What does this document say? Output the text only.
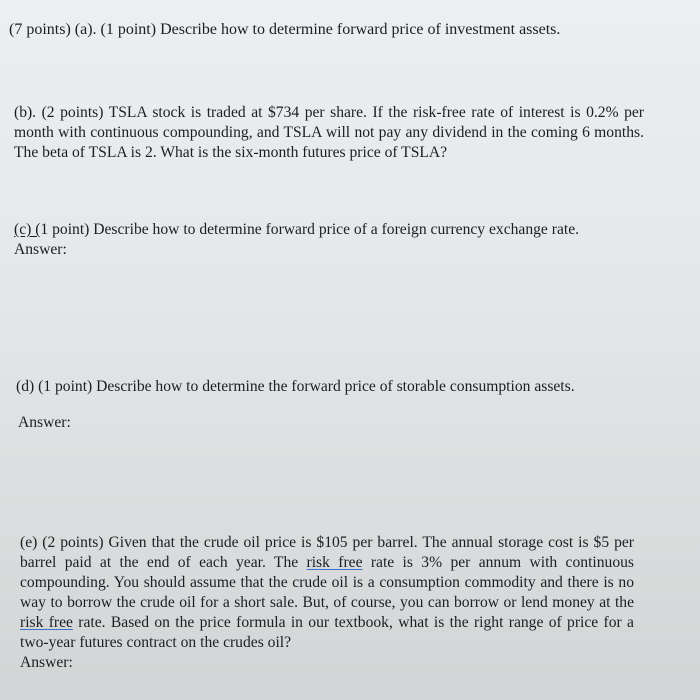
(7 points) (a). (1 point) Describe how to determine forward price of investment assets.

(b). (2 points) TSLA stock is traded at $734 per share. If the risk-free rate of interest is 0.2% per month with continuous compounding, and TSLA will not pay any dividend in the coming 6 months. The beta of TSLA is 2. What is the six-month futures price of TSLA?

(c) (1 point) Describe how to determine forward price of a foreign currency exchange rate.
Answer:

(d) (1 point) Describe how to determine the forward price of storable consumption assets.

Answer:

(e) (2 points) Given that the crude oil price is $105 per barrel. The annual storage cost is $5 per barrel paid at the end of each year. The risk free rate is 3% per annum with continuous compounding. You should assume that the crude oil is a consumption commodity and there is no way to borrow the crude oil for a short sale. But, of course, you can borrow or lend money at the risk free rate. Based on the price formula in our textbook, what is the right range of price for a two-year futures contract on the crudes oil?
Answer:
